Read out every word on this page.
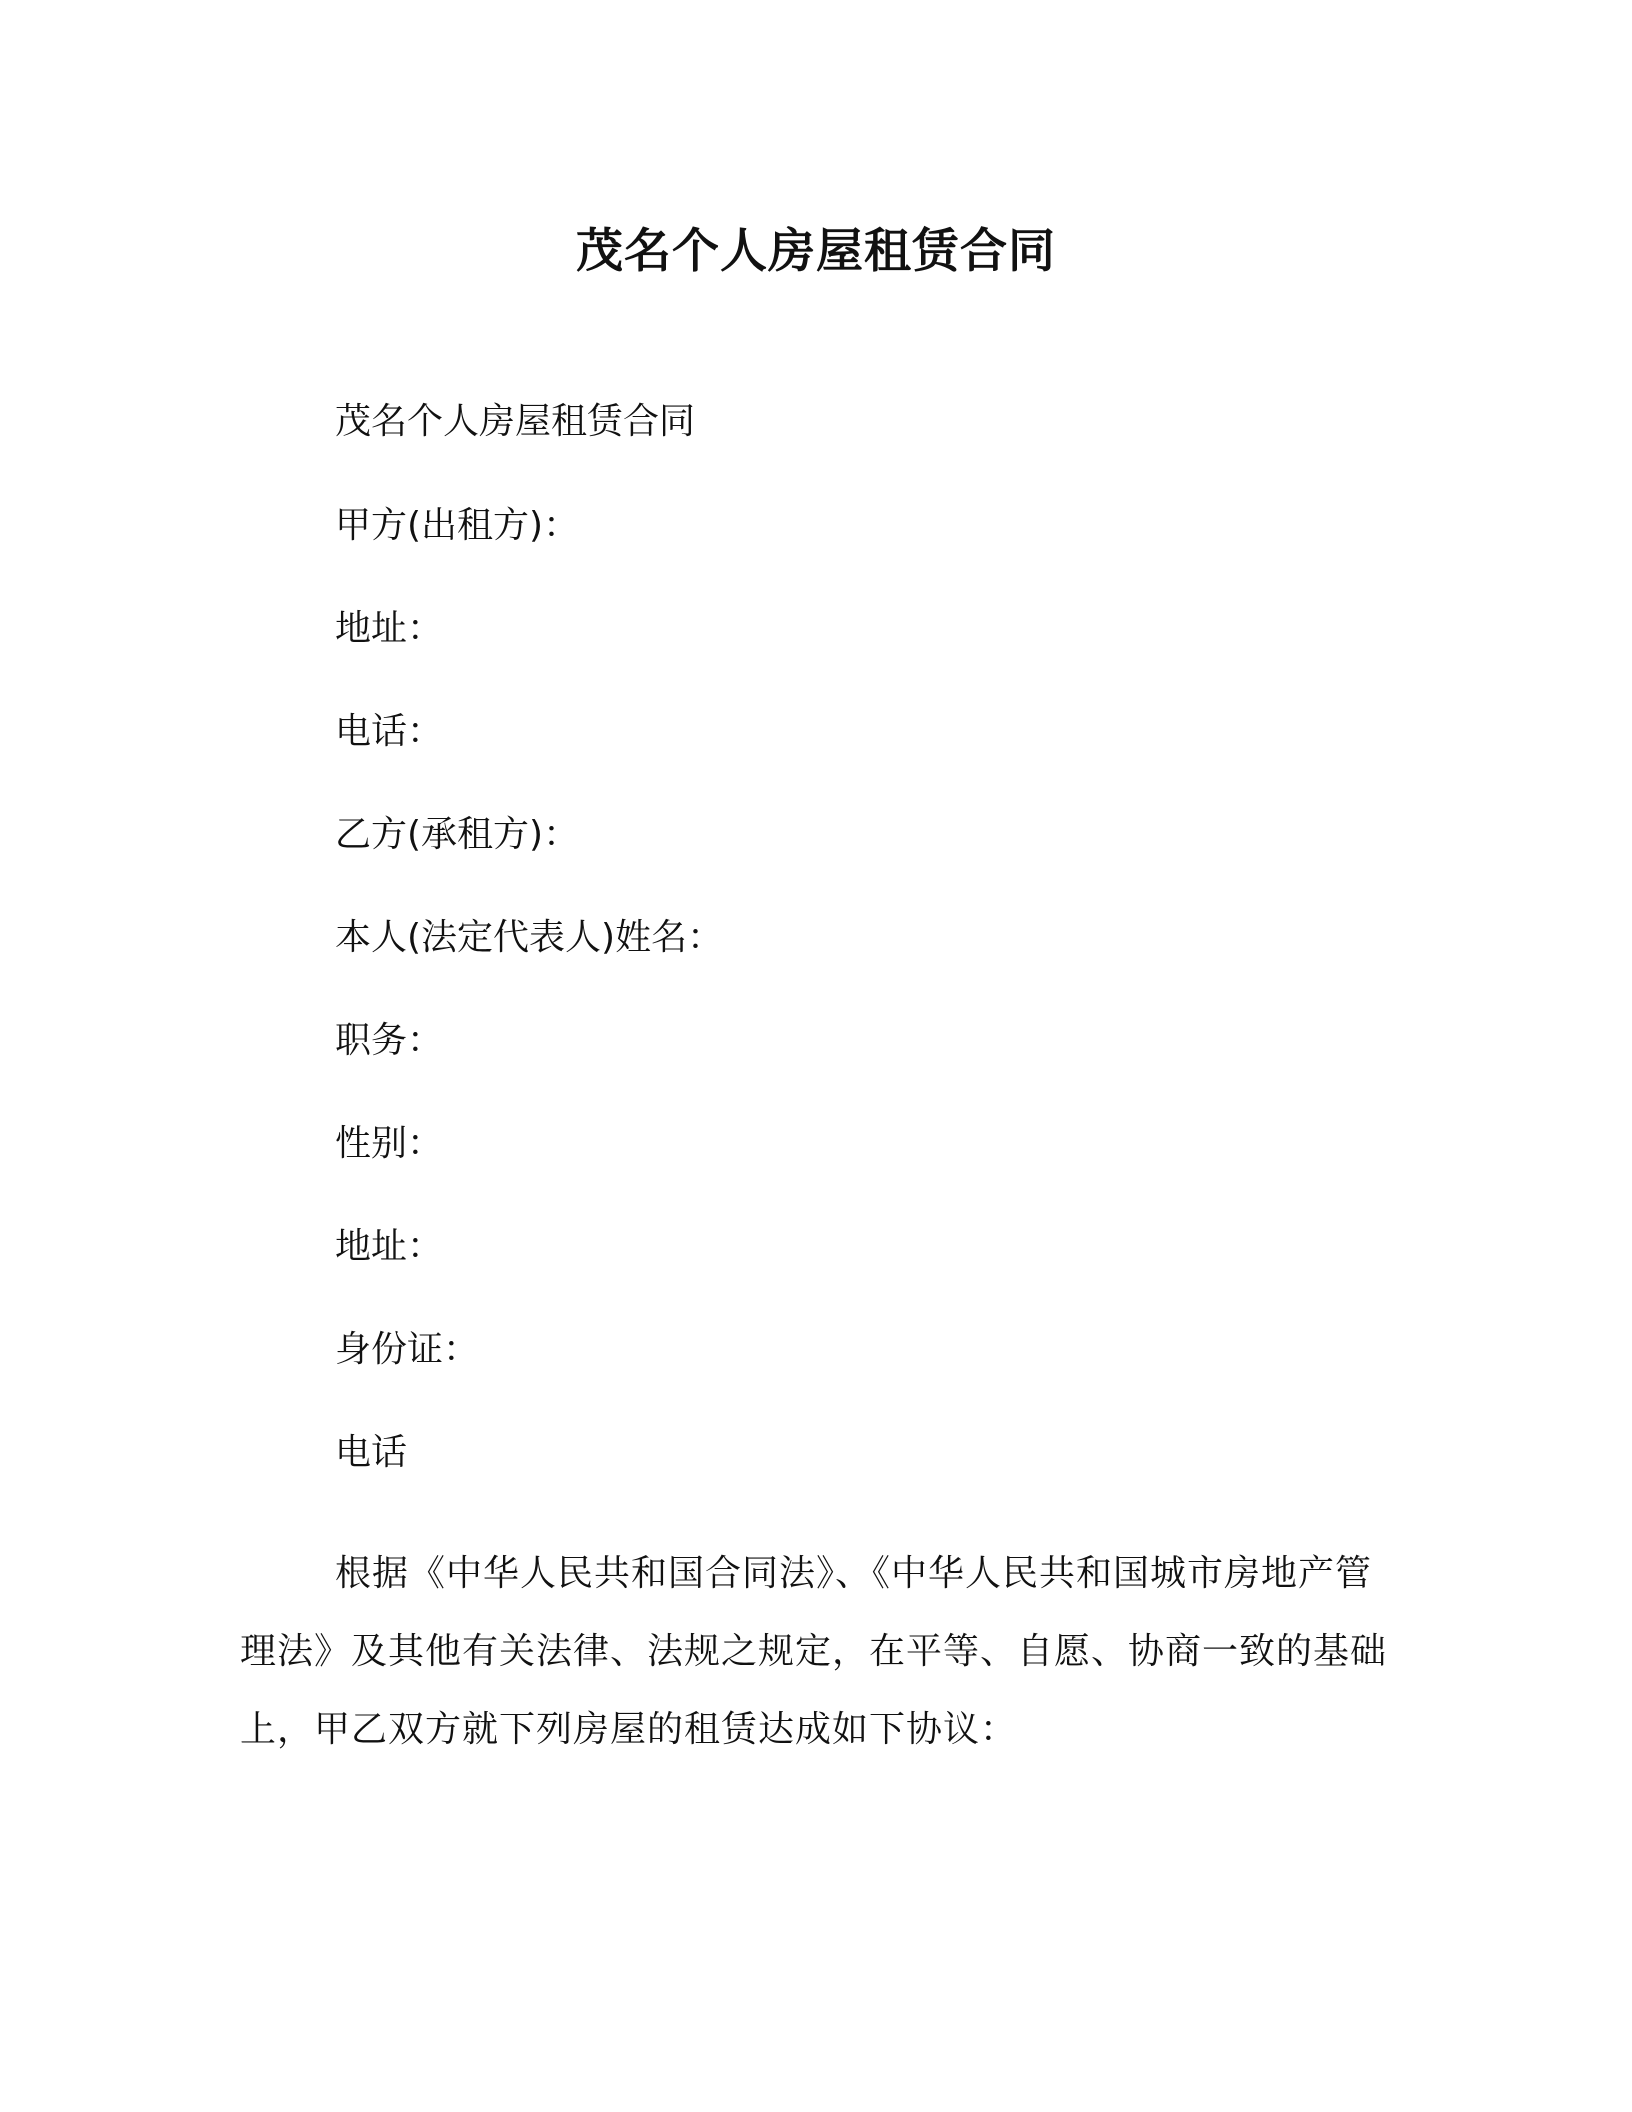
茂名个人房屋租赁合同

茂名个人房屋租赁合同

甲方(出租方)：

地址：

电话：

乙方(承租方)：

本人(法定代表人)姓名：

职务：

性别：

地址：

身份证：

电话

根据《中华人民共和国合同法》、《中华人民共和国城市房地产管理法》及其他有关法律、法规之规定，在平等、自愿、协商一致的基础上，甲乙双方就下列房屋的租赁达成如下协议：
